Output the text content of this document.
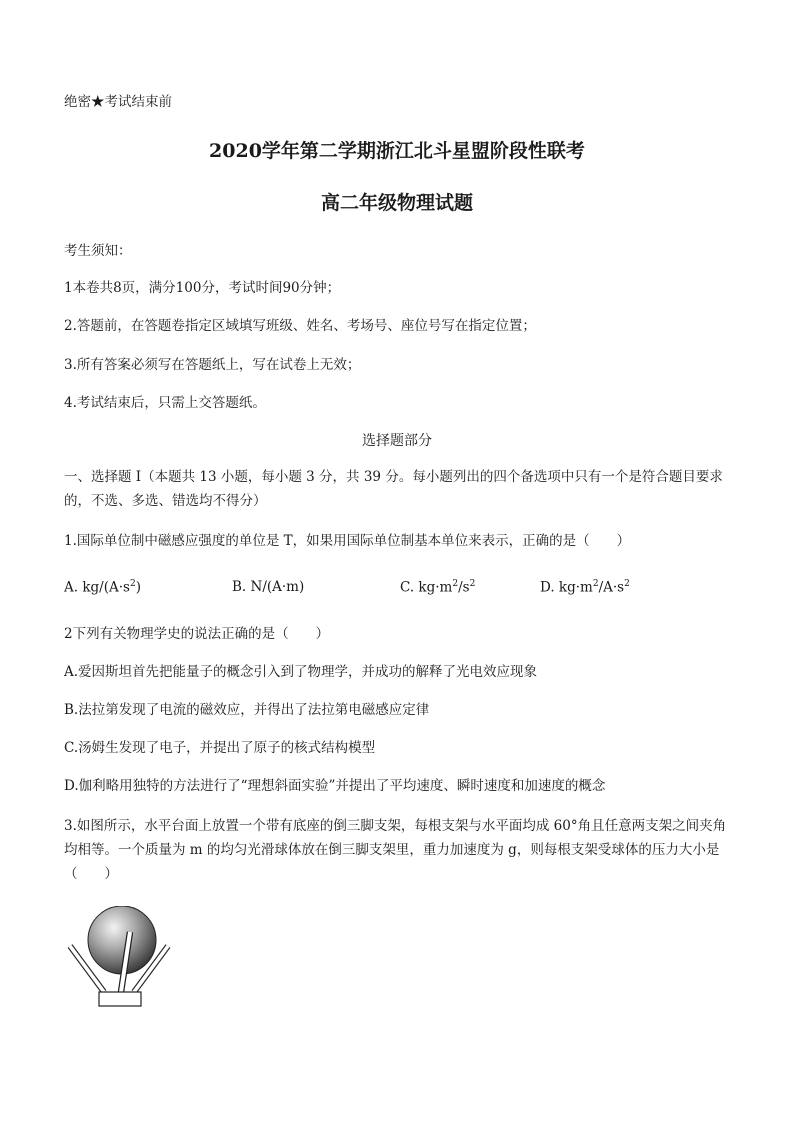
绝密★考试结束前
2020学年第二学期浙江北斗星盟阶段性联考
高二年级物理试题
考生须知：
1本卷共8页，满分100分，考试时间90分钟；
2.答题前，在答题卷指定区域填写班级、姓名、考场号、座位号写在指定位置；
3.所有答案必须写在答题纸上，写在试卷上无效；
4.考试结束后，只需上交答题纸。
选择题部分
一、选择题 I（本题共 13 小题，每小题 3 分，共 39 分。每小题列出的四个备选项中只有一个是符合题目要求的，不选、多选、错选均不得分）
1.国际单位制中磁感应强度的单位是 T，如果用国际单位制基本单位来表示，正确的是（　　）
A. $kg/(A\cdot s^2)$	B. N/(A·m)	C. $kg\cdot m^2/s^2$	D. $kg\cdot m^2/A\cdot s^2$
2下列有关物理学史的说法正确的是（　　）
A.爱因斯坦首先把能量子的概念引入到了物理学，并成功的解释了光电效应现象
B.法拉第发现了电流的磁效应，并得出了法拉第电磁感应定律
C.汤姆生发现了电子，并提出了原子的核式结构模型
D.伽利略用独特的方法进行了“理想斜面实验”并提出了平均速度、瞬时速度和加速度的概念
3.如图所示，水平台面上放置一个带有底座的倒三脚支架，每根支架与水平面均成 60°角且任意两支架之间夹角均相等。一个质量为 m 的均匀光滑球体放在倒三脚支架里，重力加速度为 g，则每根支架受球体的压力大小是（　　）
